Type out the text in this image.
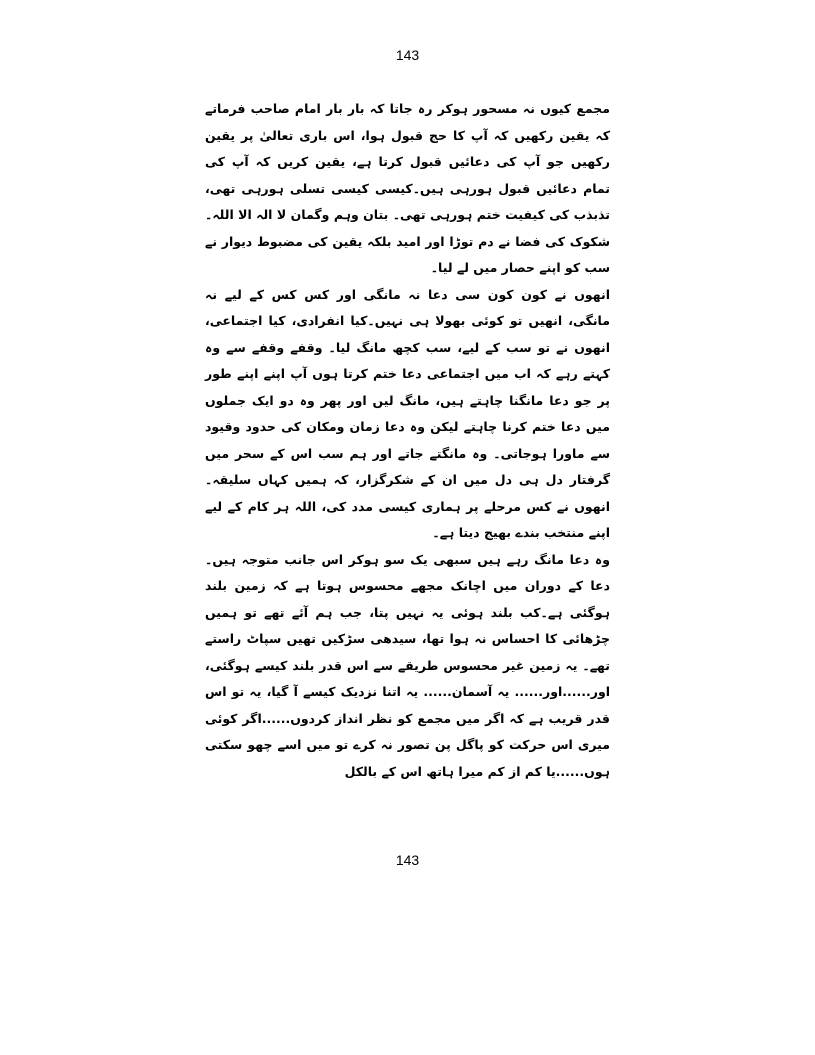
143

مجمع کیوں نہ مسحور ہوکر رہ جاتا کہ بار بار امام صاحب فرماتے کہ یقین رکھیں کہ آپ کا حج قبول ہوا، اس باری تعالیٰ پر یقین رکھیں جو آپ کی دعائیں قبول کرتا ہے، یقین کریں کہ آپ کی تمام دعائیں قبول ہورہی ہیں۔کیسی کیسی تسلی ہورہی تھی، تذبذب کی کیفیت ختم ہورہی تھی۔ بتان وہم وگمان لا الہ الا اللہ۔شکوک کی فضا نے دم توڑا اور امید بلکہ یقین کی مضبوط دیوار نے سب کو اپنے حصار میں لے لیا۔

انھوں نے کون کون سی دعا نہ مانگی اور کس کس کے لیے نہ مانگی، انھیں تو کوئی بھولا ہی نہیں۔کیا انفرادی، کیا اجتماعی، انھوں نے تو سب کے لیے، سب کچھ مانگ لیا۔ وقفے وقفے سے وہ کہتے رہے کہ اب میں اجتماعی دعا ختم کرتا ہوں آپ اپنے اپنے طور پر جو دعا مانگنا چاہتے ہیں، مانگ لیں اور پھر وہ دو ایک جملوں میں دعا ختم کرنا چاہتے لیکن وہ دعا زمان ومکان کی حدود وقیود سے ماورا ہوجاتی۔ وہ مانگتے جاتے اور ہم سب اس کے سحر میں گرفتار دل ہی دل میں ان کے شکرگزار، کہ ہمیں کہاں سلیقہ۔انھوں نے کس مرحلے پر ہماری کیسی مدد کی، اللہ ہر کام کے لیے اپنے منتخب بندے بھیج دیتا ہے۔

وہ دعا مانگ رہے ہیں سبھی یک سو ہوکر اس جانب متوجہ ہیں۔دعا کے دوران میں اچانک مجھے محسوس ہوتا ہے کہ زمین بلند ہوگئی ہے۔کب بلند ہوئی یہ نہیں پتا، جب ہم آئے تھے تو ہمیں چڑھائی کا احساس نہ ہوا تھا، سیدھی سڑکیں تھیں سپاٹ راستے تھے۔ یہ زمین غیر محسوس طریقے سے اس قدر بلند کیسے ہوگئی، اور......اور...... یہ آسمان...... یہ اتنا نزدیک کیسے آ گیا، یہ تو اس قدر قریب ہے کہ اگر میں مجمع کو نظر انداز کردوں......اگر کوئی میری اس حرکت کو پاگل پن تصور نہ کرے تو میں اسے چھو سکتی ہوں......یا کم از کم میرا ہاتھ اس کے بالکل

143
